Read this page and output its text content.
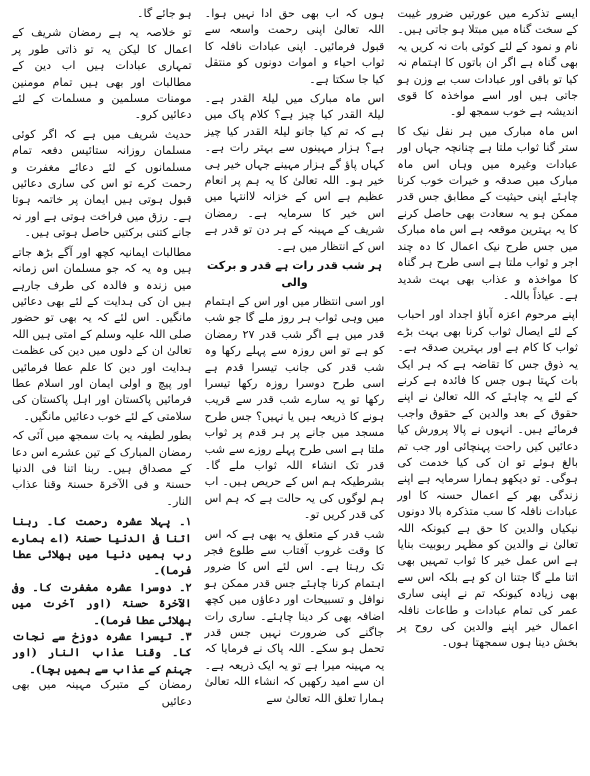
ایسے تذکرے میں عورتیں ضرور غیبت کے سخت گناہ میں مبتلا ہو جاتی ہیں۔ نام و نمود کے لئے کوئی بات نہ کریں یہ بھی گناہ ہے اگر ان باتوں کا اہتمام نہ کیا تو باقی اور عبادات سب بے وزن ہو جاتی ہیں اور اسے مواخذہ کا قوی اندیشہ ہے خوب سمجھ لو۔

اس ماہ مبارک میں ہر نفل نیک کا ستر گنا ثواب ملتا ہے چنانچہ جہاں اور عبادات وغیرہ میں وہاں اس ماہ مبارک میں صدقہ و خیرات خوب کرنا چاہئے اپنی حیثیت کے مطابق جس قدر ممکن ہو یہ سعادت بھی حاصل کرنے کا یہ بہترین موقعہ ہے اس ماہ مبارک میں جس طرح نیک اعمال کا دہ چند اجر و ثواب ملتا ہے اسی طرح ہر گناہ کا مواخذہ و عذاب بھی بہت شدید ہے۔ عیاذاً باللہ۔

اپنے مرحوم اعزہ آباؤ اجداد اور احباب کے لئے ایصال ثواب کرنا بھی بہت بڑے ثواب کا کام ہے اور بہترین صدقہ ہے۔ یہ ذوق جس کا تقاضہ ہے کہ ہر ایک بات کہتا ہوں جس کا فائدہ ہے کرنے کے لئے یہ چاہئے کہ اللہ تعالیٰ نے اپنے حقوق کے بعد والدین کے حقوق واجب فرمائے ہیں۔ انہوں نے پالا پرورش کیا دعائیں کیں راحت پہنچائی اور جب تم بالغ ہوئے تو ان کی کیا خدمت کی ہوگی۔ تو دیکھو ہمارا سرمایہ ہے اپنے زندگی بھر کے اعمال حسنہ کا اور عبادات نافلہ کا سب متذکرہ بالا دونوں نیکیاں والدین کا حق ہے کیونکہ اللہ تعالیٰ نے والدین کو مظہر ربوبیت بنایا ہے اس عمل خیر کا ثواب تمہیں بھی اتنا ملے گا جتنا ان کو ہے بلکہ اس سے بھی زیادہ کیونکہ تم نے اپنی ساری عمر کی تمام عبادات و طاعات نافلہ اعمال خیر اپنے والدین کی روح پر بخش دینا ہوں سمجھتا ہوں۔

ہوں کہ اب بھی حق ادا نہیں ہوا۔ اللہ تعالیٰ اپنی رحمت واسعہ سے قبول فرمائیں۔ اپنی عبادات نافلہ کا ثواب احیاء و اموات دونوں کو منتقل کیا جا سکتا ہے۔

اس ماہ مبارک میں لیلۃ القدر ہے۔ لیلۃ القدر کیا چیز ہے؟ کلام پاک میں ہے کہ تم کیا جانو لیلۃ القدر کیا چیز ہے؟ ہزار مہینوں سے بہتر رات ہے۔ کہاں پاؤ گے ہزار مہینے جہاں خیر ہی خیر ہو۔ اللہ تعالیٰ کا یہ ہم پر انعام عظیم ہے اس کے خزانہ لاانتہا میں اس خیر کا سرمایہ ہے۔ رمضان شریف کے مہینہ کے ہر دن تو قدر ہے اس کے انتظار میں ہے۔

ہر شب قدر رات ہے قدر و برکت والی

اور اسی انتظار میں اور اس کے اہتمام میں وہی ثواب ہر روز ملے گا جو شب قدر میں ہے اگر شب قدر ۲۷ رمضان کو ہے تو اس روزہ سے پہلے رکھا وہ شب قدر کی جانب تیسرا قدم ہے اسی طرح دوسرا روزہ رکھا تیسرا رکھا تو یہ سارے شب قدر سے قریب ہونے کا ذریعہ ہیں یا نہیں؟ جس طرح مسجد میں جانے پر ہر قدم پر ثواب ملتا ہے اسی طرح پہلے روزے سے شب قدر تک انشاء اللہ ثواب ملے گا۔ بشرطیکہ ہم اس کے حریص ہیں۔ اب ہم لوگوں کی یہ حالت ہے کہ ہم اس کی قدر کریں تو۔

شب قدر کے متعلق یہ بھی ہے کہ اس کا وقت غروب آفتاب سے طلوع فجر تک رہتا ہے۔ اس لئے اس کا ضرور اہتمام کرنا چاہئے جس قدر ممکن ہو نوافل و تسبیحات اور دعاؤں میں کچھ اضافہ بھی کر دینا چاہئے۔ ساری رات جاگنے کی ضرورت نہیں جس قدر تحمل ہو سکے۔ اللہ پاک نے فرمایا کہ یہ مہینہ میرا ہے تو یہ ایک ذریعہ ہے۔ ان سے امید رکھیں کہ انشاء اللہ تعالیٰ ہمارا تعلق اللہ تعالیٰ سے

ہو جائے گا۔

تو خلاصہ یہ ہے رمضان شریف کے اعمال کا لیکن یہ تو ذاتی طور پر تمہاری عبادات ہیں اب دین کے مطالبات اور بھی ہیں تمام مومنین مومنات مسلمین و مسلمات کے لئے دعائیں کرو۔

حدیث شریف میں ہے کہ اگر کوئی مسلمان روزانہ ستائیس دفعہ تمام مسلمانوں کے لئے دعائے مغفرت و رحمت کرے تو اس کی ساری دعائیں قبول ہوتی ہیں ایمان پر خاتمہ ہوتا ہے۔ رزق میں فراخت ہوتی ہے اور نہ جانے کتنی برکتیں حاصل ہوتی ہیں۔

مطالبات ایمانیہ کچھ اور آگے بڑھ جاتے ہیں وہ یہ کہ جو مسلمان اس زمانہ میں زندہ و فالدہ کی طرف جارہے ہیں ان کی ہدایت کے لئے بھی دعائیں مانگیں۔ اس لئے کہ یہ بھی تو حضور صلی اللہ علیہ وسلم کے امتی ہیں اللہ تعالیٰ ان کے دلوں میں دین کی عظمت ہدایت اور دین کا علم عطا فرمائیں اور پیچ و اولی ایمان اور اسلام عطا فرمائیں پاکستان اور اہل پاکستان کی سلامتی کے لئے خوب دعائیں مانگیں۔

بطور لطیفہ یہ بات سمجھ میں آئی کہ رمضان المبارک کے تین عشرے اس دعا کے مصداق ہیں۔ ربنا اتنا فی الدنیا حسنۃ و فی الآخرۃ حسنۃ وقنا عذاب النار۔

۱۔ پہلا عشرہ رحمت کا۔ ربنا اتنا فی الدنیا حسنۃ (اے ہمارے رب ہمیں دنیا میں بھلائی عطا فرما)۔

۲۔ دوسرا عشرہ مغفرت کا۔ وفی الآخرۃ حسنۃ (اور آخرت میں بھلائی عطا فرما)۔

۳۔ تیسرا عشرہ دوزخ سے نجات کا۔ وقنا عذاب النار (اور جہنم کے عذاب سے ہمیں بچا)۔

رمضان کے متبرک مہینہ میں بھی دعائیں
